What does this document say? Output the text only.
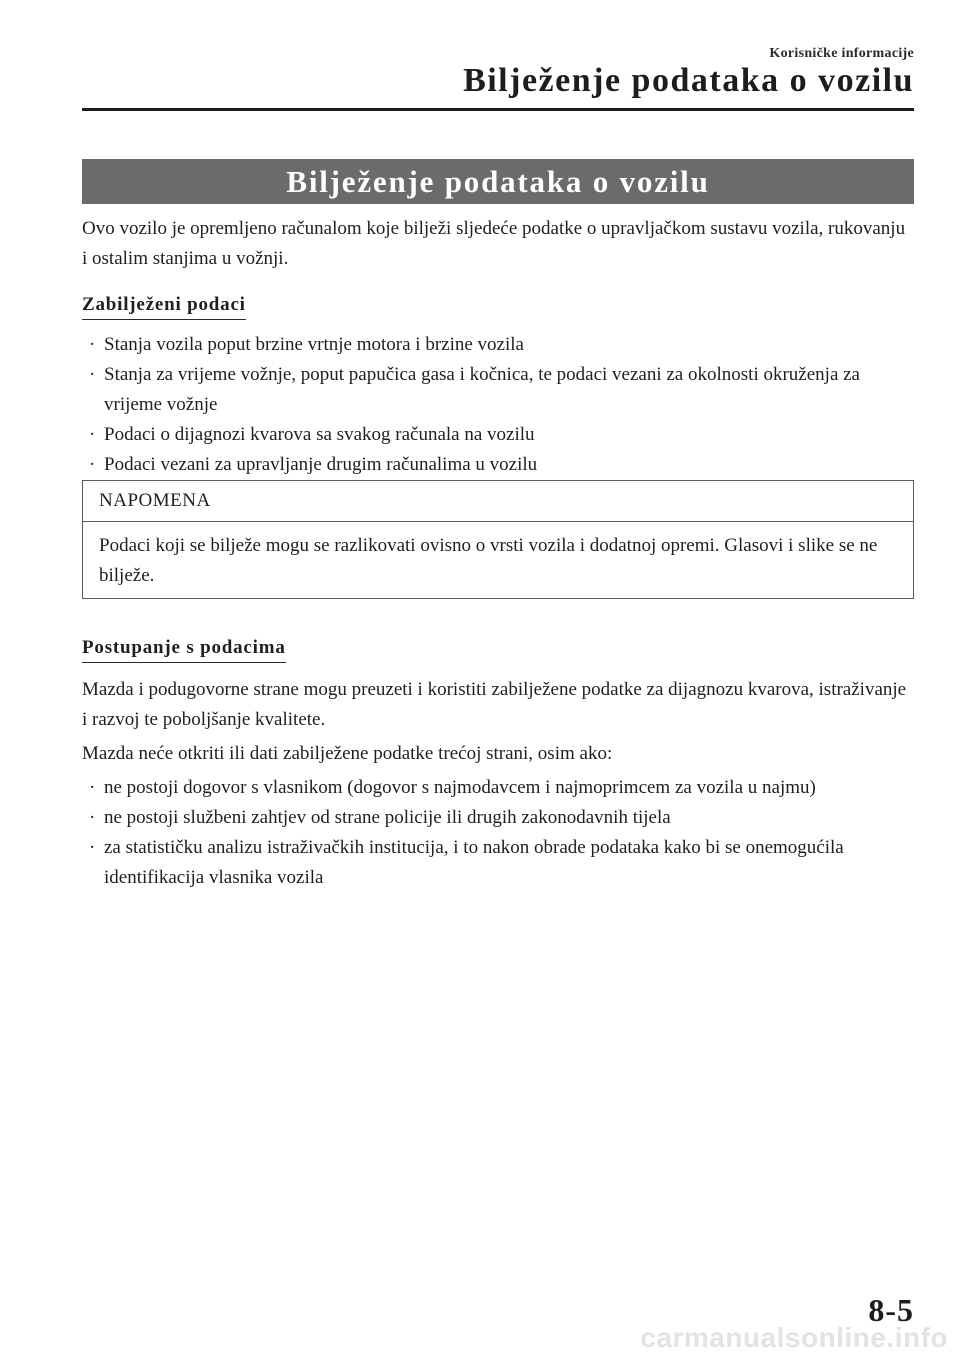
Korisničke informacije
Bilježenje podataka o vozilu
Bilježenje podataka o vozilu

Ovo vozilo je opremljeno računalom koje bilježi sljedeće podatke o upravljačkom sustavu vozila, rukovanju i ostalim stanjima u vožnji.

Zabilježeni podaci
· Stanja vozila poput brzine vrtnje motora i brzine vozila
· Stanja za vrijeme vožnje, poput papučica gasa i kočnica, te podaci vezani za okolnosti okruženja za vrijeme vožnje
· Podaci o dijagnozi kvarova sa svakog računala na vozilu
· Podaci vezani za upravljanje drugim računalima u vozilu
NAPOMENA
Podaci koji se bilježe mogu se razlikovati ovisno o vrsti vozila i dodatnoj opremi. Glasovi i slike se ne bilježe.
Postupanje s podacima

Mazda i podugovorne strane mogu preuzeti i koristiti zabilježene podatke za dijagnozu kvarova, istraživanje i razvoj te poboljšanje kvalitete.

Mazda neće otkriti ili dati zabilježene podatke trećoj strani, osim ako:

· ne postoji dogovor s vlasnikom (dogovor s najmodavcem i najmoprimcem za vozila u najmu)
· ne postoji službeni zahtjev od strane policije ili drugih zakonodavnih tijela
· za statističku analizu istraživačkih institucija, i to nakon obrade podataka kako bi se onemogućila identifikacija vlasnika vozila
8-5
carmanualsonline.info
